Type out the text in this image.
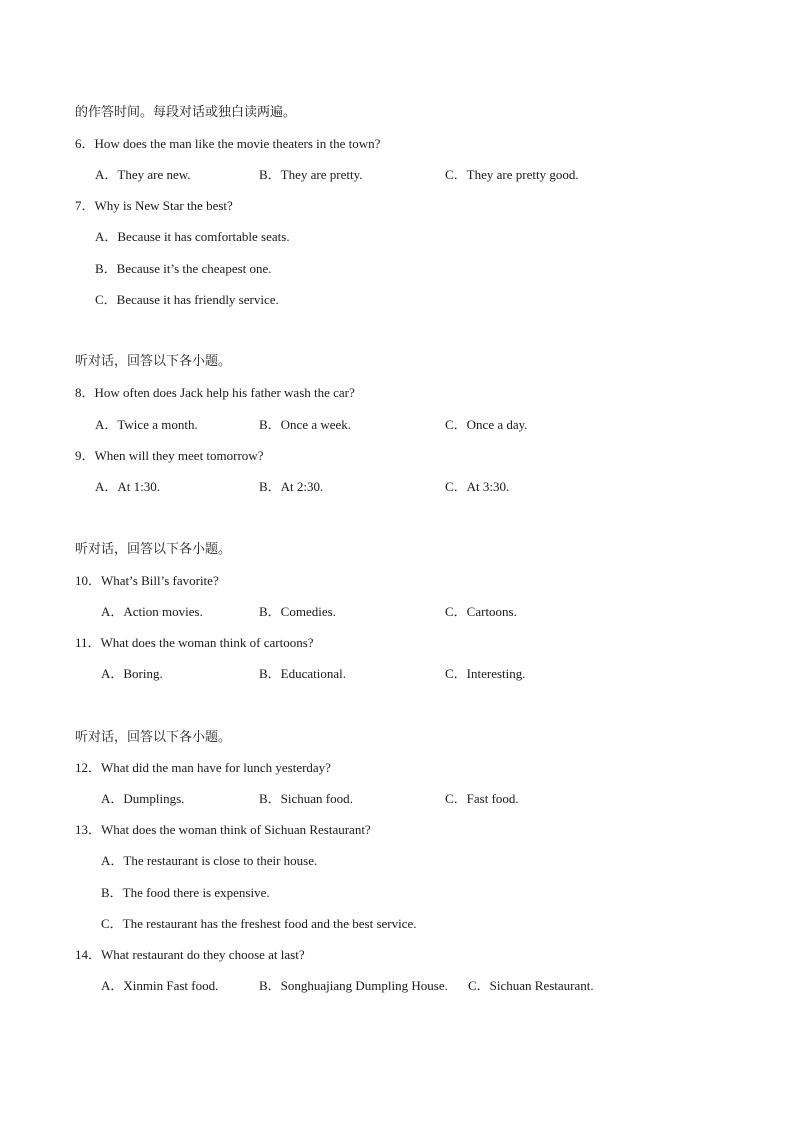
的作答时间。每段对话或独白读两遍。
6．How does the man like the movie theaters in the town?
A．They are new.	B．They are pretty.	C．They are pretty good.
7．Why is New Star the best?
A．Because it has comfortable seats.
B．Because it’s the cheapest one.
C．Because it has friendly service.
听对话，回答以下各小题。
8．How often does Jack help his father wash the car?
A．Twice a month.	B．Once a week.	C．Once a day.
9．When will they meet tomorrow?
A．At 1:30.	B．At 2:30.	C．At 3:30.
听对话，回答以下各小题。
10．What’s Bill’s favorite?
A．Action movies.	B．Comedies.	C．Cartoons.
11．What does the woman think of cartoons?
A．Boring.	B．Educational.	C．Interesting.
听对话，回答以下各小题。
12．What did the man have for lunch yesterday?
A．Dumplings.	B．Sichuan food.	C．Fast food.
13．What does the woman think of Sichuan Restaurant?
A．The restaurant is close to their house.
B．The food there is expensive.
C．The restaurant has the freshest food and the best service.
14．What restaurant do they choose at last?
A．Xinmin Fast food.	B．Songhuajiang Dumpling House. C．Sichuan Restaurant.
